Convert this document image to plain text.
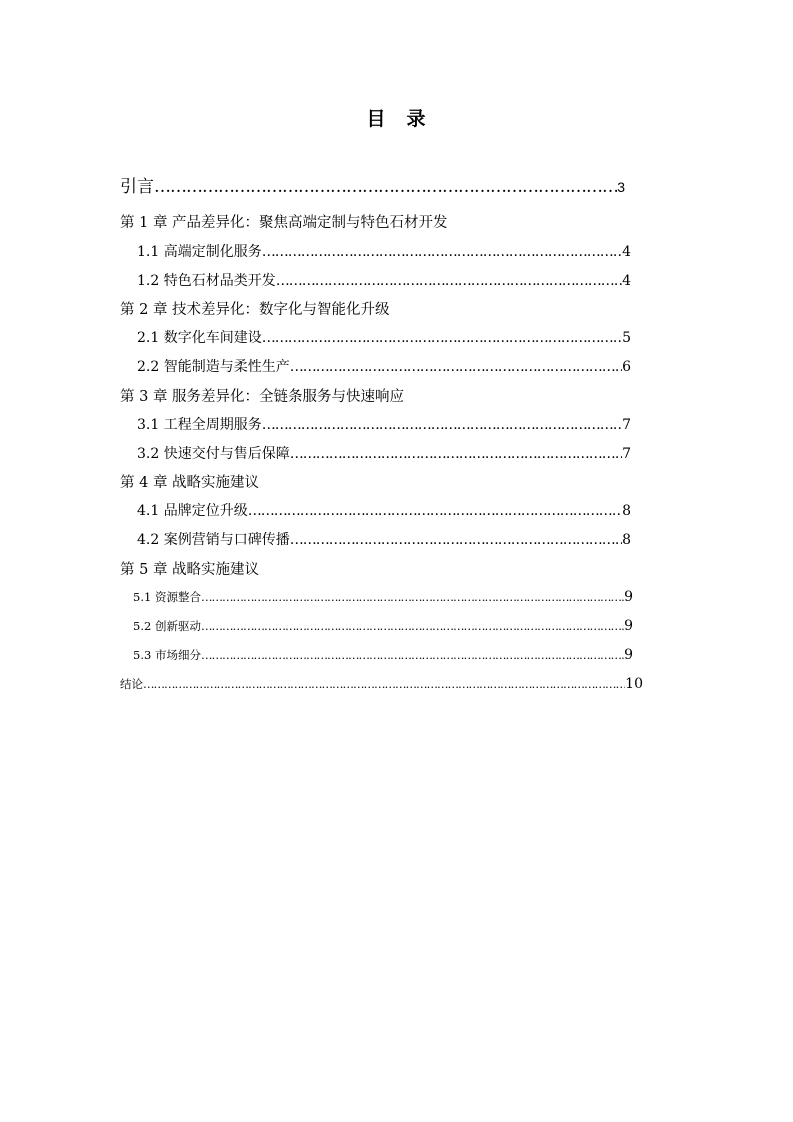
目 录
引言 …………………………………………………………………………………………………………………………………………………………………………………………………………………………………	3
第 1 章 产品差异化：聚焦高端定制与特色石材开发
1.1 高端定制化服务 …………………………………………………………………………………………………………………………………………………………………………………………………………………………………	4
1.2 特色石材品类开发 …………………………………………………………………………………………………………………………………………………………………………………………………………………………………	4
第 2 章 技术差异化：数字化与智能化升级
2.1 数字化车间建设 …………………………………………………………………………………………………………………………………………………………………………………………………………………………………	5
2.2 智能制造与柔性生产 …………………………………………………………………………………………………………………………………………………………………………………………………………………………………	6
第 3 章 服务差异化：全链条服务与快速响应
3.1 工程全周期服务 …………………………………………………………………………………………………………………………………………………………………………………………………………………………………	7
3.2 快速交付与售后保障 …………………………………………………………………………………………………………………………………………………………………………………………………………………………………	7
第 4 章 战略实施建议
4.1 品牌定位升级 …………………………………………………………………………………………………………………………………………………………………………………………………………………………………	8
4.2 案例营销与口碑传播 …………………………………………………………………………………………………………………………………………………………………………………………………………………………………	8
第 5 章 战略实施建议
5.1 资源整合 …………………………………………………………………………………………………………………………………………………………………………………………………………………………………	9
5.2 创新驱动 …………………………………………………………………………………………………………………………………………………………………………………………………………………………………	9
5.3 市场细分 …………………………………………………………………………………………………………………………………………………………………………………………………………………………………	9
结论 …………………………………………………………………………………………………………………………………………………………………………………………………………………………………	10
